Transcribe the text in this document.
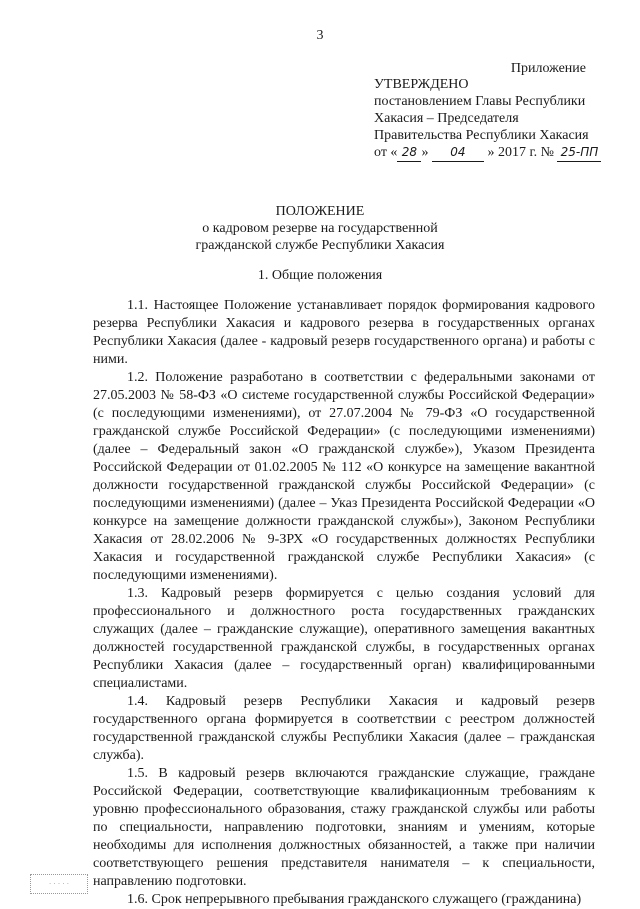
3
Приложение
УТВЕРЖДЕНО
постановлением Главы Республики
Хакасия – Председателя
Правительства Республики Хакасия
от « 28 » 04 » 2017 г. № 25-ПП
ПОЛОЖЕНИЕ
о кадровом резерве на государственной
гражданской службе Республики Хакасия
1. Общие положения

1.1. Настоящее Положение устанавливает порядок формирования кадрового резерва Республики Хакасия и кадрового резерва в государственных органах Республики Хакасия (далее - кадровый резерв государственного органа) и работы с ними.

1.2. Положение разработано в соответствии с федеральными законами от 27.05.2003 № 58-ФЗ «О системе государственной службы Российской Федерации» (с последующими изменениями), от 27.07.2004 № 79-ФЗ «О государственной гражданской службе Российской Федерации» (с последующими изменениями) (далее – Федеральный закон «О гражданской службе»), Указом Президента Российской Федерации от 01.02.2005 № 112 «О конкурсе на замещение вакантной должности государственной гражданской службы Российской Федерации» (с последующими изменениями) (далее – Указ Президента Российской Федерации «О конкурсе на замещение должности гражданской службы»), Законом Республики Хакасия от 28.02.2006 № 9-ЗРХ «О государственных должностях Республики Хакасия и государственной гражданской службе Республики Хакасия» (с последующими изменениями).

1.3. Кадровый резерв формируется с целью создания условий для профессионального и должностного роста государственных гражданских служащих (далее – гражданские служащие), оперативного замещения вакантных должностей государственной гражданской службы, в государственных органах Республики Хакасия (далее – государственный орган) квалифицированными специалистами.

1.4. Кадровый резерв Республики Хакасия и кадровый резерв государственного органа формируется в соответствии с реестром должностей государственной гражданской службы Республики Хакасия (далее – гражданская служба).

1.5. В кадровый резерв включаются гражданские служащие, граждане Российской Федерации, соответствующие квалификационным требованиям к уровню профессионального образования, стажу гражданской службы или работы по специальности, направлению подготовки, знаниям и умениям, которые необходимы для исполнения должностных обязанностей, а также при наличии соответствующего решения представителя нанимателя – к специальности, направлению подготовки.

1.6. Срок непрерывного пребывания гражданского служащего (гражданина)

· · · · ·
